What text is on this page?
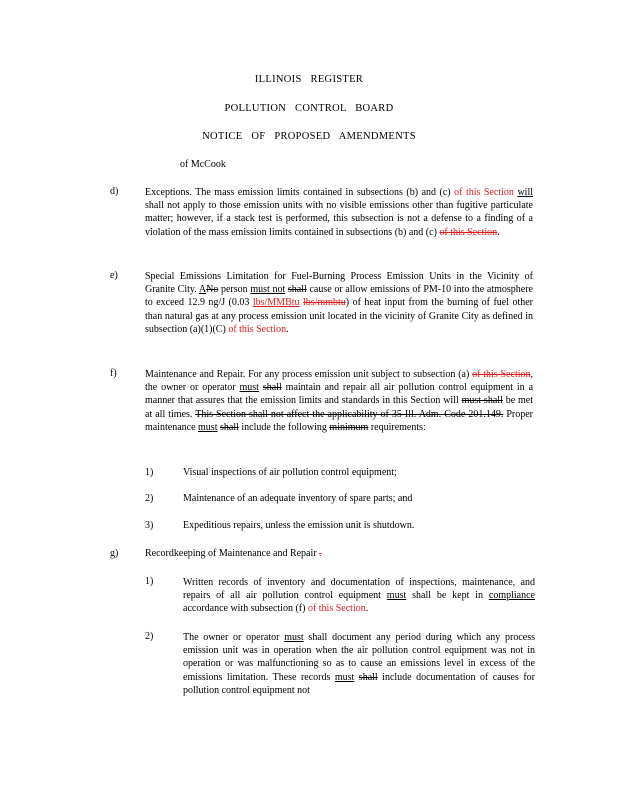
ILLINOIS REGISTER
POLLUTION CONTROL BOARD
NOTICE OF PROPOSED AMENDMENTS
of McCook
d)	Exceptions. The mass emission limits contained in subsections (b) and (c) of this Section will shall not apply to those emission units with no visible emissions other than fugitive particulate matter; however, if a stack test is performed, this subsection is not a defense to a finding of a violation of the mass emission limits contained in subsections (b) and (c) of this Section.
e)	Special Emissions Limitation for Fuel-Burning Process Emission Units in the Vicinity of Granite City. ANo person must not shall cause or allow emissions of PM-10 into the atmosphere to exceed 12.9 ng/J (0.03 lbs/MMBtu lbs/mmbtu) of heat input from the burning of fuel other than natural gas at any process emission unit located in the vicinity of Granite City as defined in subsection (a)(1)(C) of this Section.
f)	Maintenance and Repair. For any process emission unit subject to subsection (a) of this Section, the owner or operator must shall maintain and repair all air pollution control equipment in a manner that assures that the emission limits and standards in this Section will must shall be met at all times. This Section shall not affect the applicability of 35 Ill. Adm. Code 201.149. Proper maintenance must shall include the following minimum requirements:
1)	Visual inspections of air pollution control equipment;
2)	Maintenance of an adequate inventory of spare parts; and
3)	Expeditious repairs, unless the emission unit is shutdown.
g)	Recordkeeping of Maintenance and Repair .
1)	Written records of inventory and documentation of inspections, maintenance, and repairs of all air pollution control equipment must shall be kept in compliance accordance with subsection (f) of this Section.
2)	The owner or operator must shall document any period during which any process emission unit was in operation when the air pollution control equipment was not in operation or was malfunctioning so as to cause an emissions level in excess of the emissions limitation. These records must shall include documentation of causes for pollution control equipment not
